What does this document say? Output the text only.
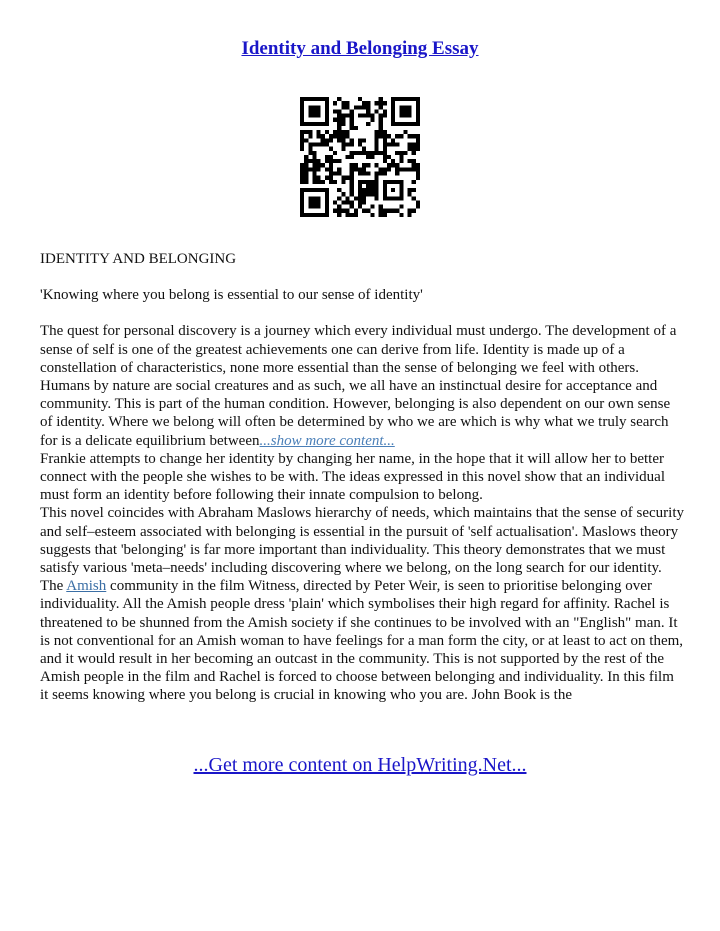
Identity and Belonging Essay

IDENTITY AND BELONGING

'Knowing where you belong is essential to our sense of identity'

The quest for personal discovery is a journey which every individual must undergo. The development of a sense of self is one of the greatest achievements one can derive from life. Identity is made up of a constellation of characteristics, none more essential than the sense of belonging we feel with others. Humans by nature are social creatures and as such, we all have an instinctual desire for acceptance and community. This is part of the human condition. However, belonging is also dependent on our own sense of identity. Where we belong will often be determined by who we are which is why what we truly search for is a delicate equilibrium between...show more content...

Frankie attempts to change her identity by changing her name, in the hope that it will allow her to better connect with the people she wishes to be with. The ideas expressed in this novel show that an individual must form an identity before following their innate compulsion to belong.

This novel coincides with Abraham Maslows hierarchy of needs, which maintains that the sense of security and self–esteem associated with belonging is essential in the pursuit of 'self actualisation'. Maslows theory suggests that 'belonging' is far more important than individuality. This theory demonstrates that we must satisfy various 'meta–needs' including discovering where we belong, on the long search for our identity. The Amish community in the film Witness, directed by Peter Weir, is seen to prioritise belonging over individuality. All the Amish people dress 'plain' which symbolises their high regard for affinity. Rachel is threatened to be shunned from the Amish society if she continues to be involved with an "English" man. It is not conventional for an Amish woman to have feelings for a man form the city, or at least to act on them, and it would result in her becoming an outcast in the community. This is not supported by the rest of the Amish people in the film and Rachel is forced to choose between belonging and individuality. In this film it seems knowing where you belong is crucial in knowing who you are. John Book is the

...Get more content on HelpWriting.Net...
